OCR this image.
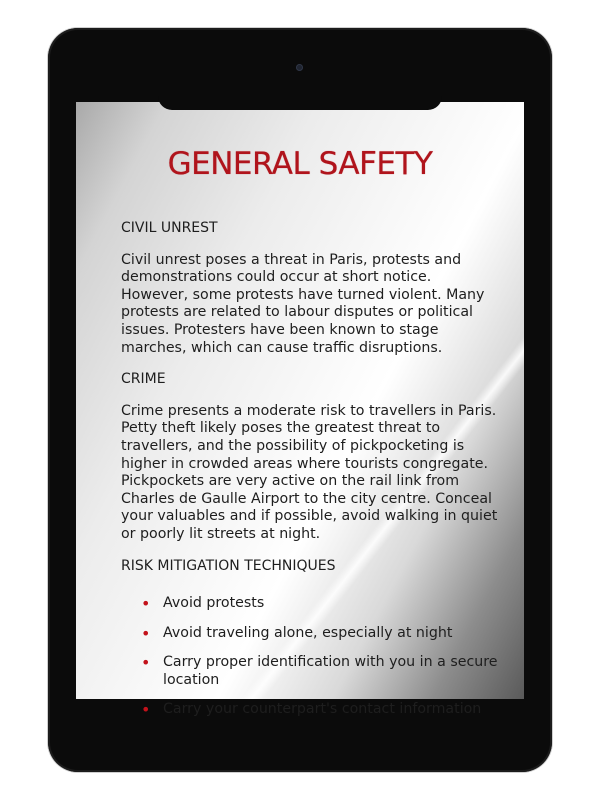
GENERAL SAFETY

CIVIL UNREST

Civil unrest poses a threat in Paris, protests and demonstrations could occur at short notice. However, some protests have turned violent. Many protests are related to labour disputes or political issues. Protesters have been known to stage marches, which can cause traffic disruptions.

CRIME

Crime presents a moderate risk to travellers in Paris. Petty theft likely poses the greatest threat to travellers, and the possibility of pickpocketing is higher in crowded areas where tourists congregate. Pickpockets are very active on the rail link from Charles de Gaulle Airport to the city centre. Conceal your valuables and if possible, avoid walking in quiet or poorly lit streets at night.

RISK MITIGATION TECHNIQUES

• Avoid protests
• Avoid traveling alone, especially at night
• Carry proper identification with you in a secure location
• Carry your counterpart's contact information
